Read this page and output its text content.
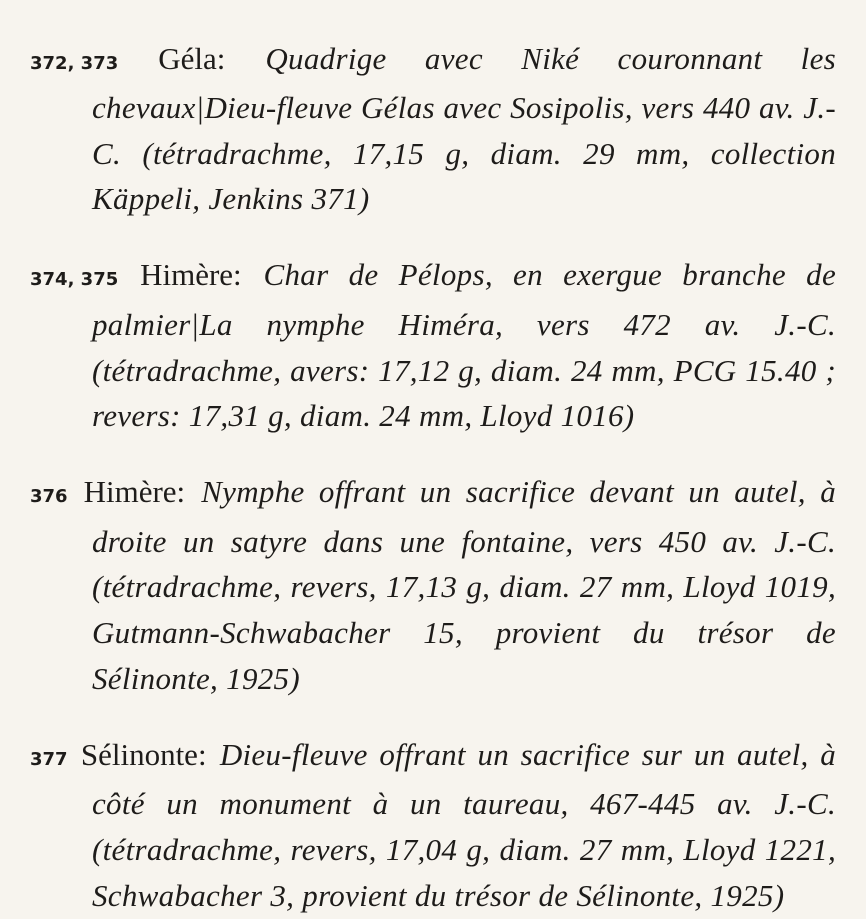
372, 373 Géla: Quadrige avec Niké couronnant les chevaux|Dieu-fleuve Gélas avec Sosipolis, vers 440 av. J.-C. (tétradrachme, 17,15 g, diam. 29 mm, collection Käppeli, Jenkins 371)

374, 375 Himère: Char de Pélops, en exergue branche de palmier|La nymphe Himéra, vers 472 av. J.-C. (tétradrachme, avers: 17,12 g, diam. 24 mm, PCG 15.40 ; revers: 17,31 g, diam. 24 mm, Lloyd 1016)

376 Himère: Nymphe offrant un sacrifice devant un autel, à droite un satyre dans une fontaine, vers 450 av. J.-C. (tétradrachme, revers, 17,13 g, diam. 27 mm, Lloyd 1019, Gutmann-Schwabacher 15, provient du trésor de Sélinonte, 1925)

377 Sélinonte: Dieu-fleuve offrant un sacrifice sur un autel, à côté un monument à un taureau, 467-445 av. J.-C. (tétradrachme, revers, 17,04 g, diam. 27 mm, Lloyd 1221, Schwabacher 3, provient du trésor de Sélinonte, 1925)
